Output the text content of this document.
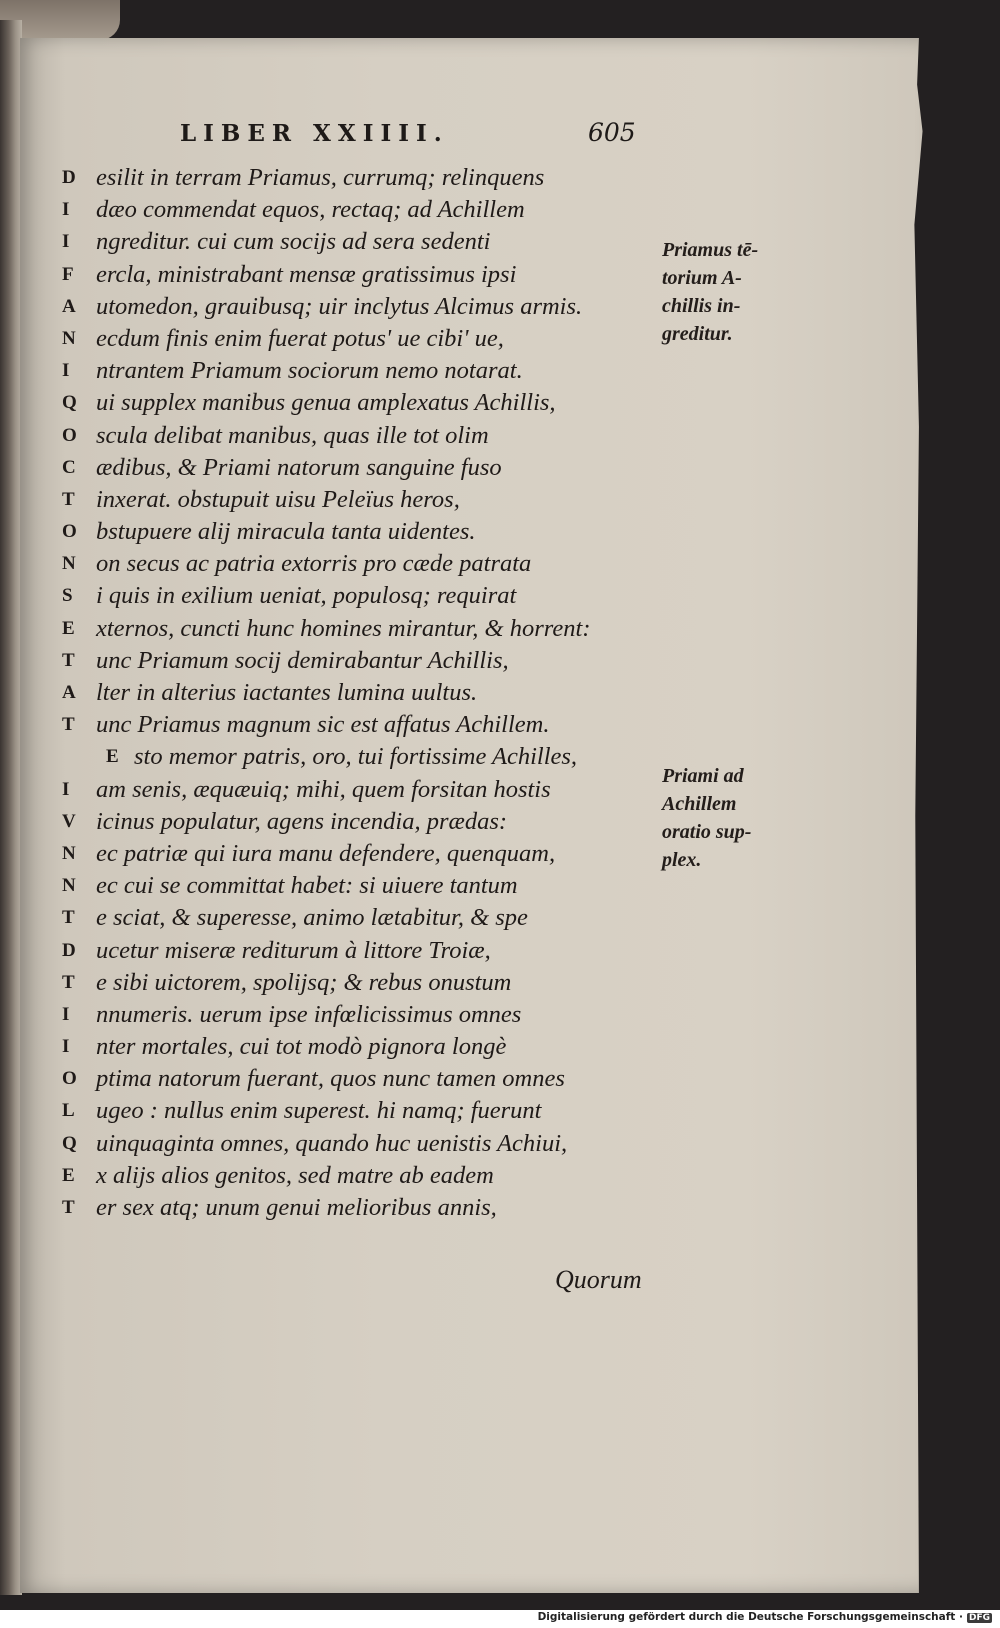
LIBER XXIIII.	605
D esilit in terram Priamus, currumq; relinquens
I	dæo commendat equos, rectaq; ad Achillem
I	ngreditur. cui cum socijs ad sera sedenti
F ercla, ministrabant mensæ gratissimus ipsi
A utomedon, grauibusq; uir inclytus Alcimus armis.
N ecdum finis enim fuerat potus' ue cibi' ue,
I	ntrantem Priamum sociorum nemo notarat.
Q ui supplex manibus genua amplexatus Achillis,
O scula delibat manibus, quas ille tot olim
C ædibus, & Priami natorum sanguine fuso
T inxerat. obstupuit uisu Peleïus heros,
O bstupuere alij miracula tanta uidentes.
N on secus ac patria extorris pro cæde patrata
S i quis in exilium ueniat, populosq; requirat
E xternos, cuncti hunc homines mirantur, & horrent:
T unc Priamum socij demirabantur Achillis,
A lter in alterius iactantes lumina uultus.
T unc Priamus magnum sic est affatus Achillem.
E sto memor patris, oro, tui fortissime Achilles,
I	am senis, æquæuiq; mihi, quem forsitan hostis
V icinus populatur, agens incendia, prædas:
N ec patriæ qui iura manu defendere, quenquam,
N ec cui se committat habet: si uiuere tantum
T e sciat, & superesse, animo lætabitur, & spe
D ucetur miseræ rediturum à littore Troiæ,
T e sibi uictorem, spolijsq; & rebus onustum
I	nnumeris. uerum ipse infœlicissimus omnes
I	nter mortales, cui tot modò pignora longè
O ptima natorum fuerant, quos nunc tamen omnes
L ugeo : nullus enim superest. hi namq; fuerunt
Q uinquaginta omnes, quando huc uenistis Achiui,
E x alijs alios genitos, sed matre ab eadem
T er sex atq; unum genui melioribus annis,
Priamus tē-
torium A-
chillis in-
greditur.
Priami ad
Achillem
oratio sup-
plex.
Quorum
Digitalisierung gefördert durch die Deutsche Forschungsgemeinschaft · DFG
